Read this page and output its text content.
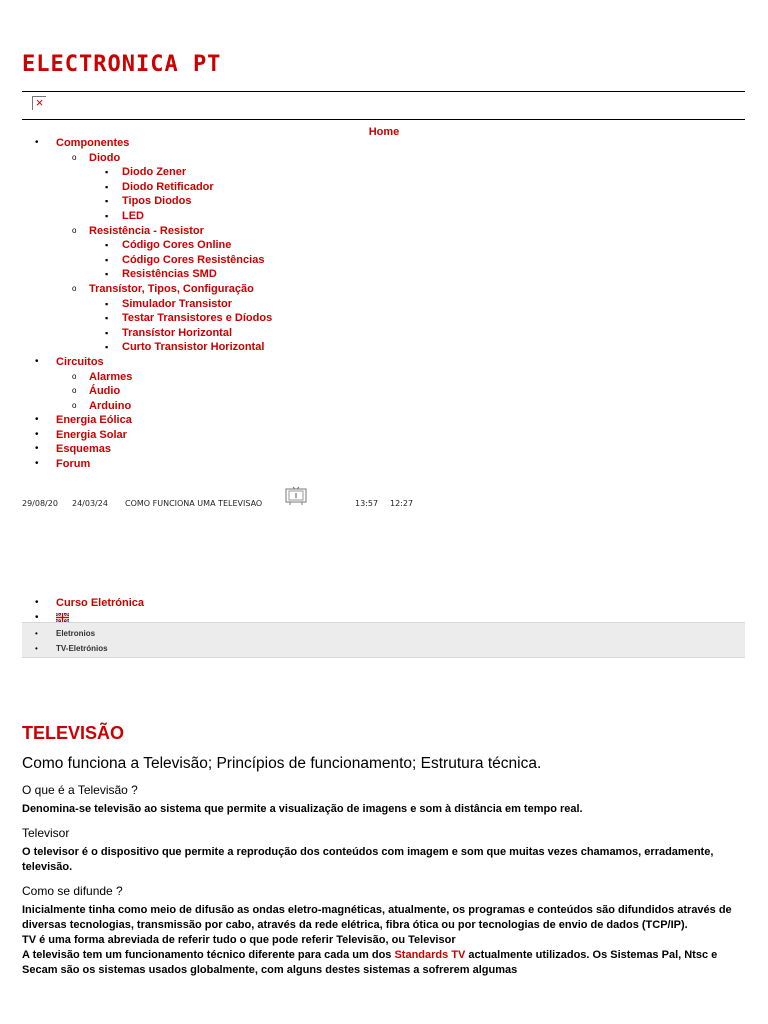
ELECTRONICA PT
×
Home
• Componentes
o Diodo
▪ Diodo Zener
▪ Diodo Retificador
▪ Tipos Diodos
▪ LED
o Resistência - Resistor
▪ Código Cores Online
▪ Código Cores Resistências
▪ Resistências SMD
o Transístor, Tipos, Configuração
▪ Simulador Transistor
▪ Testar Transistores e Díodos
▪ Transístor Horizontal
▪ Curto Transistor Horizontal
• Circuitos
o Alarmes
o Áudio
o Arduino
• Energia Eólica
• Energia Solar
• Esquemas
• Forum
29/08/20 24/03/24 COMO FUNCIONA UMA TELEVISAO	13:57 12:27
• Curso Eletrónica
•
• Eletronios
• TV-Eletrónios
TELEVISÃO
Como funciona a Televisão; Princípios de funcionamento; Estrutura técnica.
O que é a Televisão ?

Denomina-se televisão ao sistema que permite a visualização de imagens e som à distância em tempo real.

Televisor

O televisor é o dispositivo que permite a reprodução dos conteúdos com imagem e som que muitas vezes chamamos, erradamente, televisão.

Como se difunde ?

Inicialmente tinha como meio de difusão as ondas eletro-magnéticas, atualmente, os programas e conteúdos são difundidos através de diversas tecnologias, transmissão por cabo, através da rede elétrica, fibra ótica ou por tecnologias de envio de dados (TCP/IP).
TV é uma forma abreviada de referir tudo o que pode referir Televisão, ou Televisor
A televisão tem um funcionamento técnico diferente para cada um dos Standards TV actualmente utilizados. Os Sistemas Pal, Ntsc e Secam são os sistemas usados globalmente, com alguns destes sistemas a sofrerem algumas
